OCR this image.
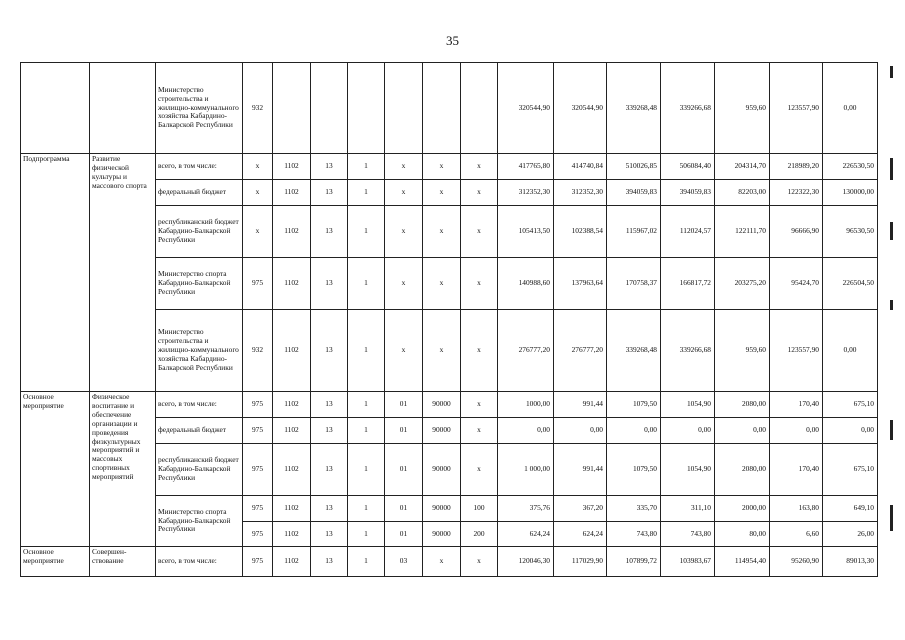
35
		Министерство строительства и жилищно-коммунального хозяйства Кабардино-Балкарской Республики	932							320544,90	320544,90	339268,48	339266,68	959,60	123557,90	0,00
Подпрограмма	Развитие физической культуры и массового спорта	всего, в том числе:	x	1102	13	1	x	x	x	417765,80	414740,84	510026,85	506084,40	204314,70	218989,20	226530,50
		федеральный бюджет	x	1102	13	1	x	x	x	312352,30	312352,30	394059,83	394059,83	82203,00	122322,30	130000,00
		республиканский бюджет Кабардино-Балкарской Республики	x	1102	13	1	x	x	x	105413,50	102388,54	115967,02	112024,57	122111,70	96666,90	96530,50
		Министерство спорта Кабардино-Балкарской Республики	975	1102	13	1	x	x	x	140988,60	137963,64	170758,37	166817,72	203275,20	95424,70	226504,50
		Министерство строительства и жилищно-коммунального хозяйства Кабардино-Балкарской Республики	932	1102	13	1	x	x	x	276777,20	276777,20	339268,48	339266,68	959,60	123557,90	0,00
Основное мероприятие	Физическое воспитание и обеспечение организации и проведения физкультурных мероприятий и массовых спортивных мероприятий	всего, в том числе:	975	1102	13	1	01	90000	x	1000,00	991,44	1079,50	1054,90	2080,00	170,40	675,10
		федеральный бюджет	975	1102	13	1	01	90000	x	0,00	0,00	0,00	0,00	0,00	0,00	0,00
		республиканский бюджет Кабардино-Балкарской Республики	975	1102	13	1	01	90000	x	1 000,00	991,44	1079,50	1054,90	2080,00	170,40	675,10
		Министерство спорта Кабардино-Балкарской Республики	975	1102	13	1	01	90000	100	375,76	367,20	335,70	311,10	2000,00	163,80	649,10
			975	1102	13	1	01	90000	200	624,24	624,24	743,80	743,80	80,00	6,60	26,00
Основное мероприятие	Совершен-ствование	всего, в том числе:	975	1102	13	1	03	x	x	120046,30	117029,90	107899,72	103983,67	114954,40	95260,90	89013,30
